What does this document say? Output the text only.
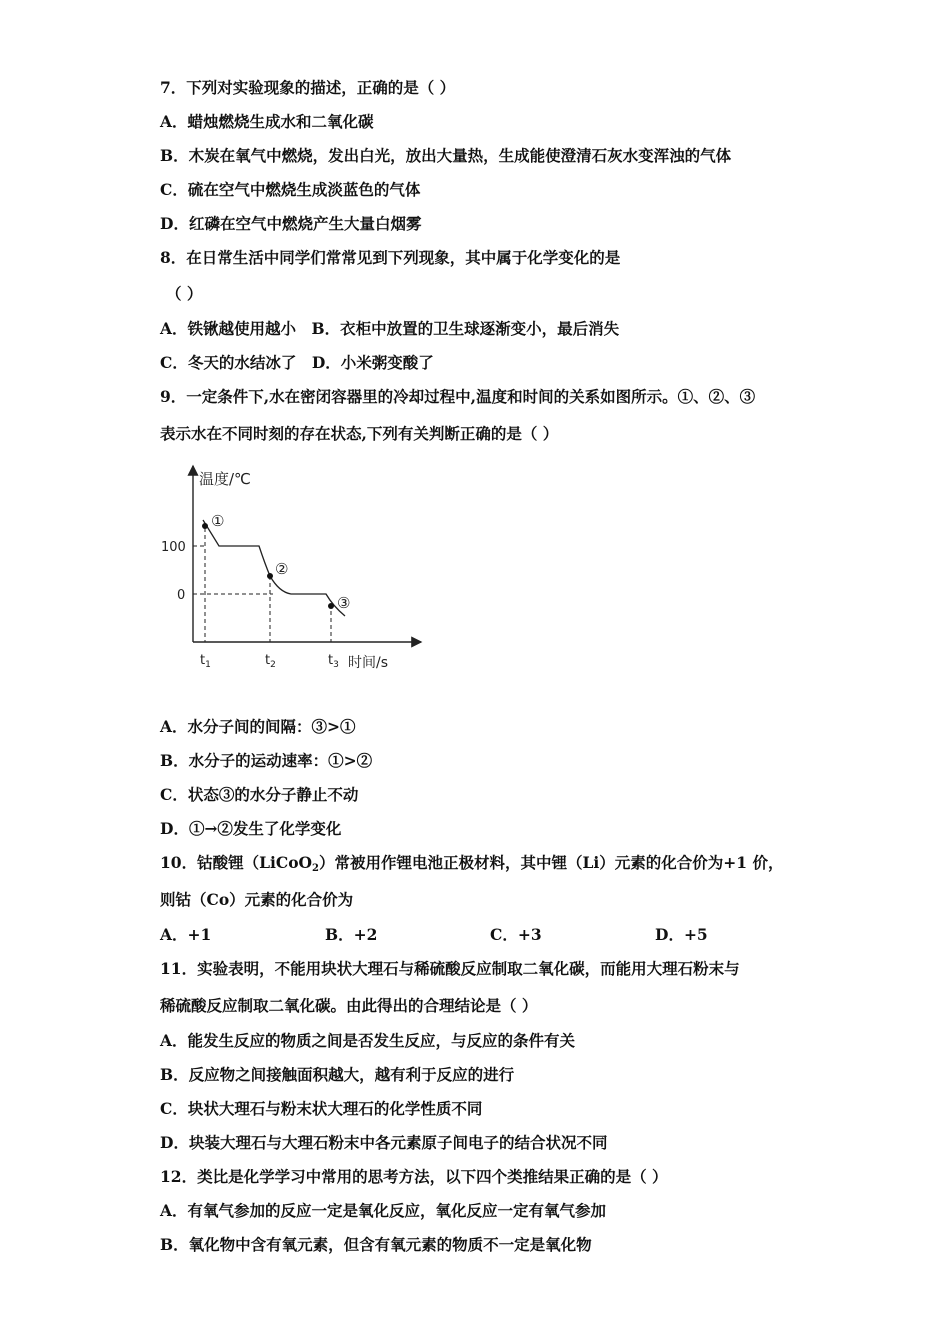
7．下列对实验现象的描述，正确的是（ ）
A．蜡烛燃烧生成水和二氧化碳
B．木炭在氧气中燃烧，发出白光，放出大量热，生成能使澄清石灰水变浑浊的气体
C．硫在空气中燃烧生成淡蓝色的气体
D．红磷在空气中燃烧产生大量白烟雾
8．在日常生活中同学们常常见到下列现象，其中属于化学变化的是
（ ）
A．铁锹越使用越小　B．衣柜中放置的卫生球逐渐变小，最后消失
C．冬天的水结冰了　D．小米粥变酸了
9．一定条件下,水在密闭容器里的冷却过程中,温度和时间的关系如图所示。①、②、③
表示水在不同时刻的存在状态,下列有关判断正确的是（ ）
温度/℃
时间/s
100
0
$t_1$	$t_2$	$t_3$
①
②
③
A．水分子间的间隔：③>①
B．水分子的运动速率：①>②
C．状态③的水分子静止不动
D．①→②发生了化学变化
10．钴酸锂（LiCoO$_2$）常被用作锂电池正极材料，其中锂（Li）元素的化合价为+1 价，
则钴（Co）元素的化合价为
A．+1	B．+2	C．+3	D．+5
11．实验表明，不能用块状大理石与稀硫酸反应制取二氧化碳，而能用大理石粉末与
稀硫酸反应制取二氧化碳。由此得出的合理结论是（ ）
A．能发生反应的物质之间是否发生反应，与反应的条件有关
B．反应物之间接触面积越大，越有利于反应的进行
C．块状大理石与粉末状大理石的化学性质不同
D．块装大理石与大理石粉末中各元素原子间电子的结合状况不同
12．类比是化学学习中常用的思考方法，以下四个类推结果正确的是（ ）
A．有氧气参加的反应一定是氧化反应，氧化反应一定有氧气参加
B．氧化物中含有氧元素，但含有氧元素的物质不一定是氧化物
